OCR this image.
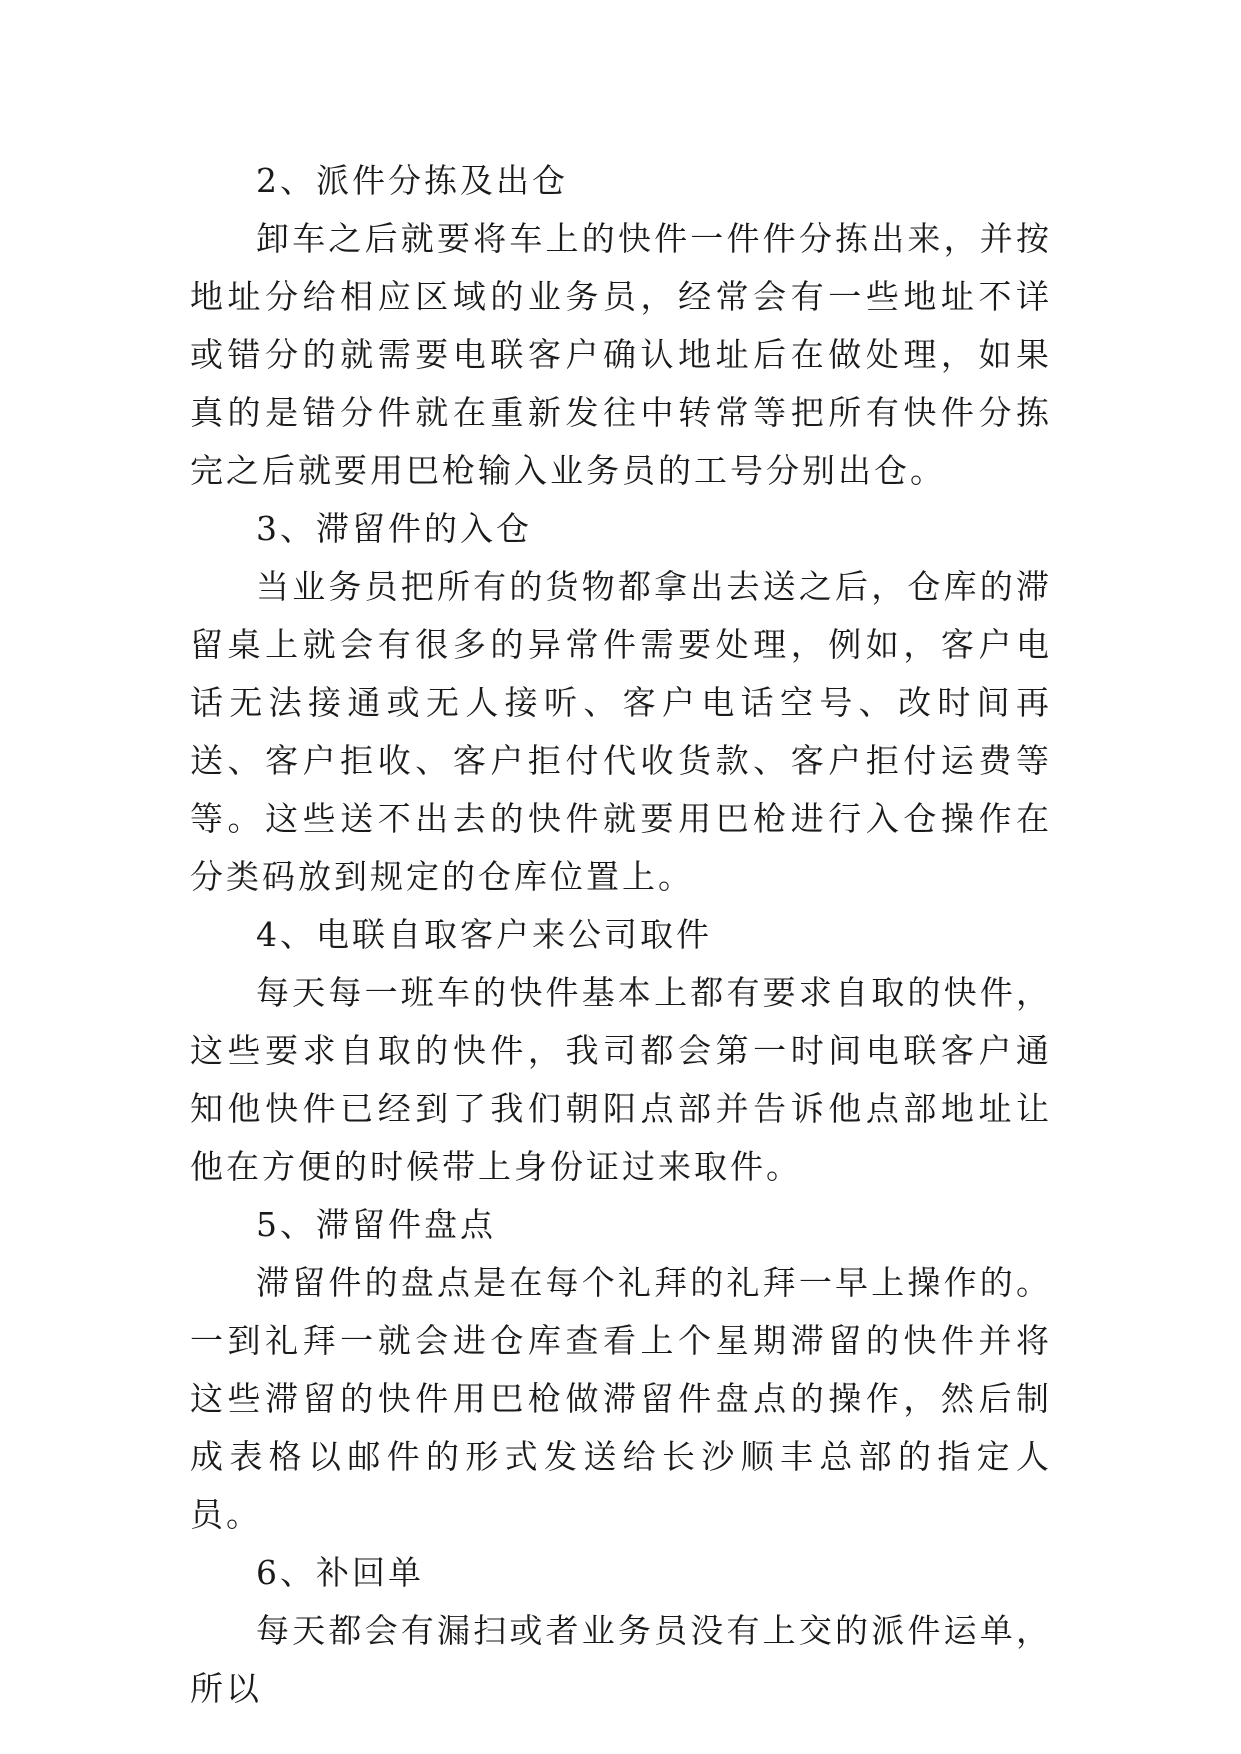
2、派件分拣及出仓

卸车之后就要将车上的快件一件件分拣出来，并按地址分给相应区域的业务员，经常会有一些地址不详或错分的就需要电联客户确认地址后在做处理，如果真的是错分件就在重新发往中转常等把所有快件分拣完之后就要用巴枪输入业务员的工号分别出仓。

3、滞留件的入仓

当业务员把所有的货物都拿出去送之后，仓库的滞留桌上就会有很多的异常件需要处理，例如，客户电话无法接通或无人接听、客户电话空号、改时间再送、客户拒收、客户拒付代收货款、客户拒付运费等等。这些送不出去的快件就要用巴枪进行入仓操作在分类码放到规定的仓库位置上。

4、电联自取客户来公司取件

每天每一班车的快件基本上都有要求自取的快件，这些要求自取的快件，我司都会第一时间电联客户通知他快件已经到了我们朝阳点部并告诉他点部地址让他在方便的时候带上身份证过来取件。

5、滞留件盘点

滞留件的盘点是在每个礼拜的礼拜一早上操作的。一到礼拜一就会进仓库查看上个星期滞留的快件并将这些滞留的快件用巴枪做滞留件盘点的操作，然后制成表格以邮件的形式发送给长沙顺丰总部的指定人员。

6、补回单

每天都会有漏扫或者业务员没有上交的派件运单，所以
